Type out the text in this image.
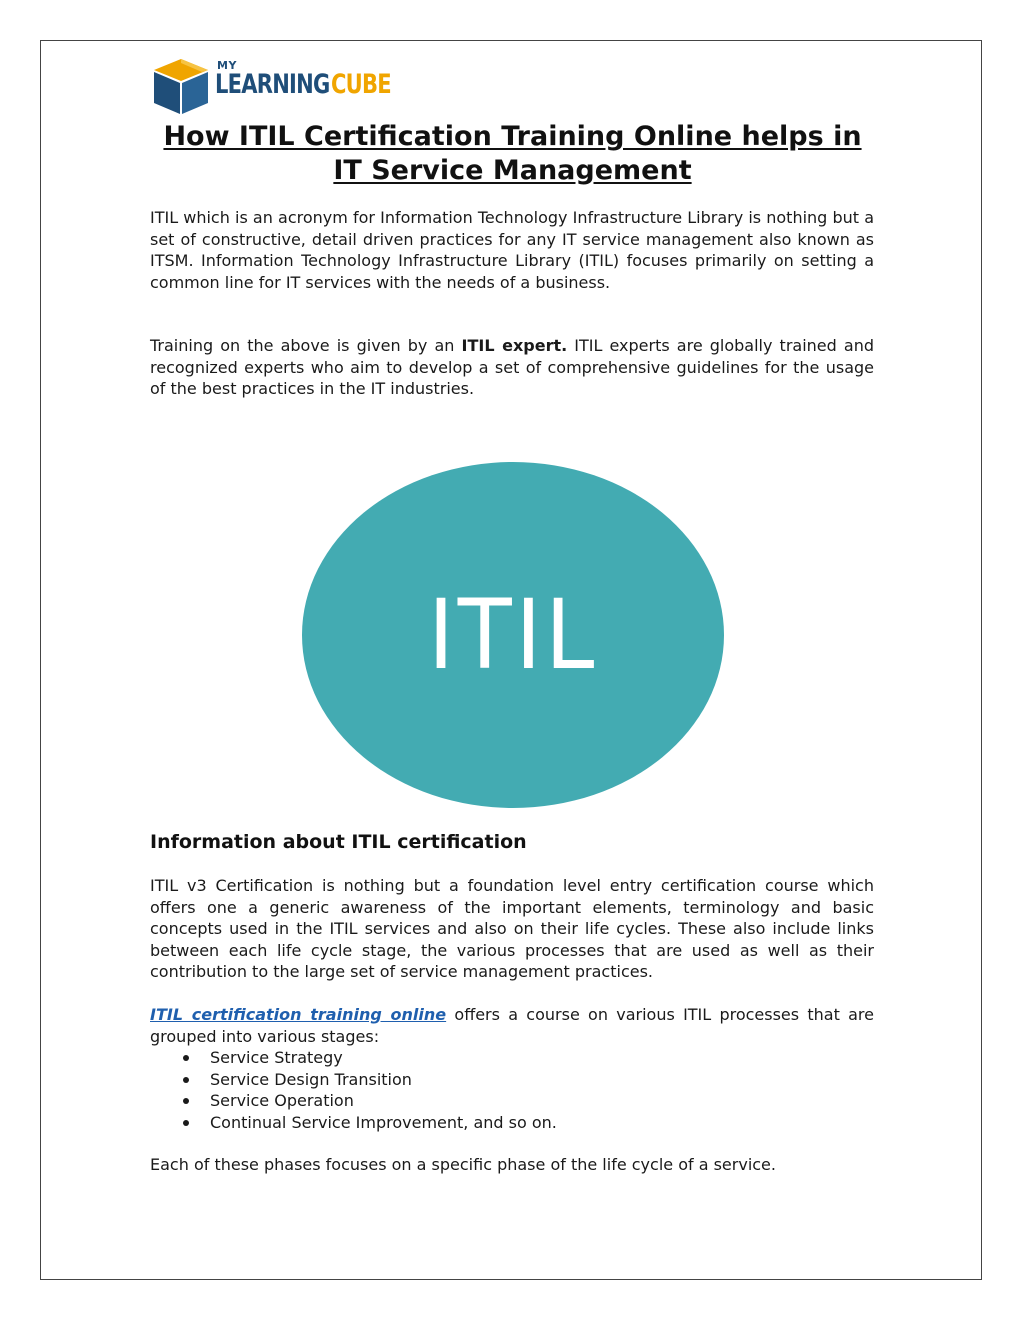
MY
LEARNING CUBE
How ITIL Certification Training Online helps in IT Service Management

ITIL which is an acronym for Information Technology Infrastructure Library is nothing but a set of constructive, detail driven practices for any IT service management also known as ITSM. Information Technology Infrastructure Library (ITIL) focuses primarily on setting a common line for IT services with the needs of a business.

Training on the above is given by an ITIL expert. ITIL experts are globally trained and recognized experts who aim to develop a set of comprehensive guidelines for the usage of the best practices in the IT industries.

ITIL
Information about ITIL certification

ITIL v3 Certification is nothing but a foundation level entry certification course which offers one a generic awareness of the important elements, terminology and basic concepts used in the ITIL services and also on their life cycles. These also include links between each life cycle stage, the various processes that are used as well as their contribution to the large set of service management practices.

ITIL certification training online offers a course on various ITIL processes that are grouped into various stages:

Service Strategy
Service Design Transition
Service Operation
Continual Service Improvement, and so on.

Each of these phases focuses on a specific phase of the life cycle of a service.
